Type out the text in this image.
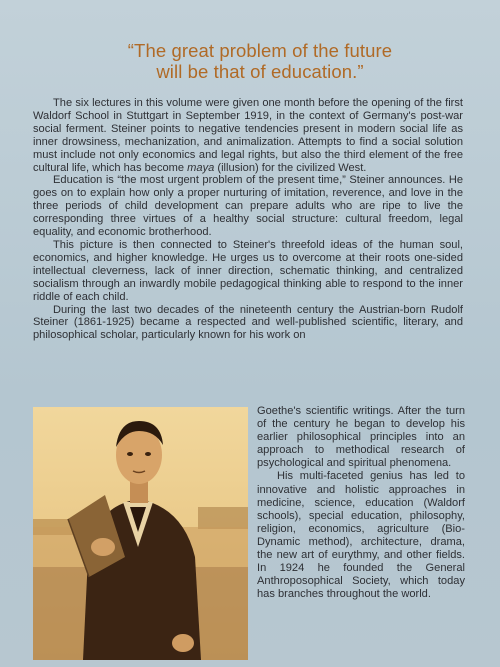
“The great problem of the future
will be that of education.”

The six lectures in this volume were given one month before the opening of the first Waldorf School in Stuttgart in September 1919, in the context of Germany's post-war social ferment. Steiner points to negative tendencies present in modern social life as inner drowsiness, mechanization, and animalization. Attempts to find a social solution must include not only economics and legal rights, but also the third element of the free cultural life, which has become maya (illusion) for the civilized West.

Education is “the most urgent problem of the present time,” Steiner announces. He goes on to explain how only a proper nurturing of imitation, reverence, and love in the three periods of child development can prepare adults who are ripe to live the corresponding three virtues of a healthy social structure: cultural freedom, legal equality, and economic brotherhood.

This picture is then connected to Steiner's threefold ideas of the human soul, economics, and higher knowledge. He urges us to overcome at their roots one-sided intellectual cleverness, lack of inner direction, schematic thinking, and centralized socialism through an inwardly mobile pedagogical thinking able to respond to the inner riddle of each child.

During the last two decades of the nineteenth century the Austrian-born Rudolf Steiner (1861-1925) became a respected and well-published scientific, literary, and philosophical scholar, particularly known for his work on

Goethe's scientific writings. After the turn of the century he began to develop his earlier philosophical principles into an approach to methodical research of psychological and spiritual phenomena.

His multi-faceted genius has led to innovative and holistic approaches in medicine, science, education (Waldorf schools), special education, philosophy, religion, economics, agriculture (Bio-Dynamic method), architecture, drama, the new art of eurythmy, and other fields. In 1924 he founded the General Anthroposophical Society, which today has branches throughout the world.
